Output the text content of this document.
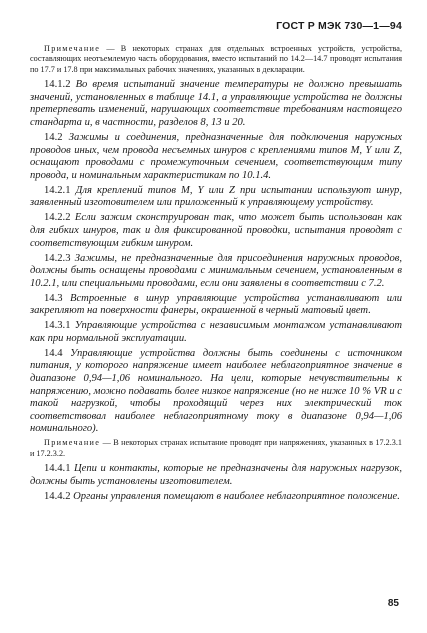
ГОСТ Р МЭК 730—1—94

Примечание — В некоторых странах для отдельных встроенных устройств, устройства, составляющих неотъемлемую часть оборудования, вместо испытаний по 14.2—14.7 проводят испытания по 17.7 и 17.8 при максимальных рабочих значениях, указанных в декларации.

14.1.2 Во время испытаний значение температуры не должно превышать значений, установленных в таблице 14.1, а управляющие устройства не должны претерпевать изменений, нарушающих соответствие требованиям настоящего стандарта и, в частности, разделов 8, 13 и 20.

14.2 Зажимы и соединения, предназначенные для подключения наружных проводов иных, чем провода несъемных шнуров с креплениями типов М, Y или Z, оснащают проводами с промежуточным сечением, соответствующим типу провода, и номинальным характеристикам по 10.1.4.

14.2.1 Для креплений типов М, Y или Z при испытании используют шнур, заявленный изготовителем или приложенный к управляющему устройству.

14.2.2 Если зажим сконструирован так, что может быть использован как для гибких шнуров, так и для фиксированной проводки, испытания проводят с соответствующим гибким шнуром.

14.2.3 Зажимы, не предназначенные для присоединения наружных проводов, должны быть оснащены проводами с минимальным сечением, установленным в 10.2.1, или специальными проводами, если они заявлены в соответствии с 7.2.

14.3 Встроенные в шнур управляющие устройства устанавливают или закрепляют на поверхности фанеры, окрашенной в черный матовый цвет.

14.3.1 Управляющие устройства с независимым монтажом устанавливают как при нормальной эксплуатации.

14.4 Управляющие устройства должны быть соединены с источником питания, у которого напряжение имеет наиболее неблагоприятное значение в диапазоне 0,94—1,06 номинального. На цели, которые нечувствительны к напряжению, можно подавать более низкое напряжение (но не ниже 10 % VR и с такой нагрузкой, чтобы проходящий через них электрический ток соответствовал наиболее неблагоприятному току в диапазоне 0,94—1,06 номинального).

Примечание — В некоторых странах испытание проводят при напряжениях, указанных в 17.2.3.1 и 17.2.3.2.

14.4.1 Цепи и контакты, которые не предназначены для наружных нагрузок, должны быть установлены изготовителем.

14.4.2 Органы управления помещают в наиболее неблагоприятное положение.

85
